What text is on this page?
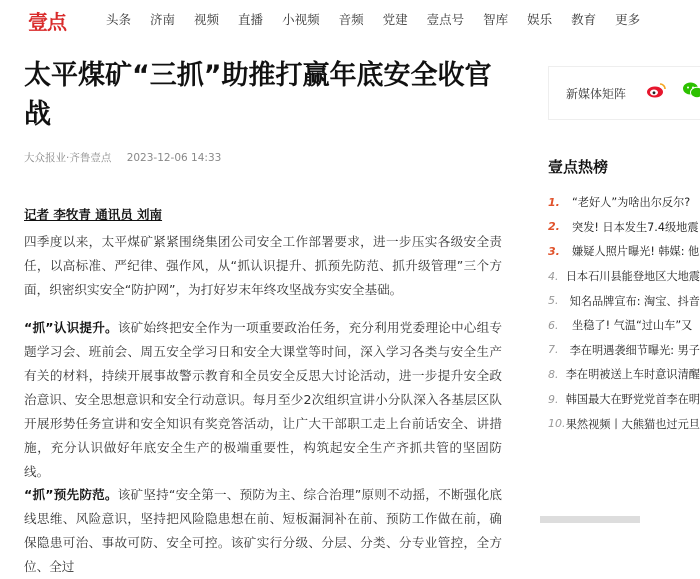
壹点	头条 济南 视频 直播 小视频 音频 党建 壹点号 智库 娱乐 教育 更多
太平煤矿“三抓”助推打赢年底安全收官
战
大众报业·齐鲁壹点 2023-12-06 14:33
记者 李牧青 通讯员 刘南

四季度以来，太平煤矿紧紧围绕集团公司安全工作部署要求，进一步压实各级安全责任，以高标准、严纪律、强作风，从“抓认识提升、抓预先防范、抓升级管理”三个方面，织密织实安全“防护网”，为打好岁末年终攻坚战夯实安全基础。

“抓”认识提升。该矿始终把安全作为一项重要政治任务，充分利用党委理论中心组专题学习会、班前会、周五安全学习日和安全大课堂等时间，深入学习各类与安全生产有关的材料，持续开展事故警示教育和全员安全反思大讨论活动，进一步提升安全政治意识、安全思想意识和安全行动意识。每月至少2次组织宣讲小分队深入各基层区队开展形势任务宣讲和安全知识有奖竞答活动，让广大干部职工走上台前话安全、讲措施，充分认识做好年底安全生产的极端重要性，构筑起安全生产齐抓共管的坚固防线。

“抓”预先防范。该矿坚持“安全第一、预防为主、综合治理”原则不动摇，不断强化底线思维、风险意识，坚持把风险隐患想在前、短板漏洞补在前、预防工作做在前，确保隐患可治、事故可防、安全可控。该矿实行分级、分层、分类、分专业管控，全方位、全过

新媒体矩阵
壹点热榜
1.	“老好人”为啥出尔反尔?
2.	突发! 日本发生7.4级地震
3.	嫌疑人照片曝光! 韩媒: 他
4. 日本石川县能登地区大地震
5. 知名品牌宣布: 淘宝、抖音
6.	坐稳了! 气温“过山车”又
7. 李在明遇袭细节曝光: 男子
8. 李在明被送上车时意识清醒
9. 韩国最大在野党党首李在明
10. 果然视频丨大熊猫也过元旦
